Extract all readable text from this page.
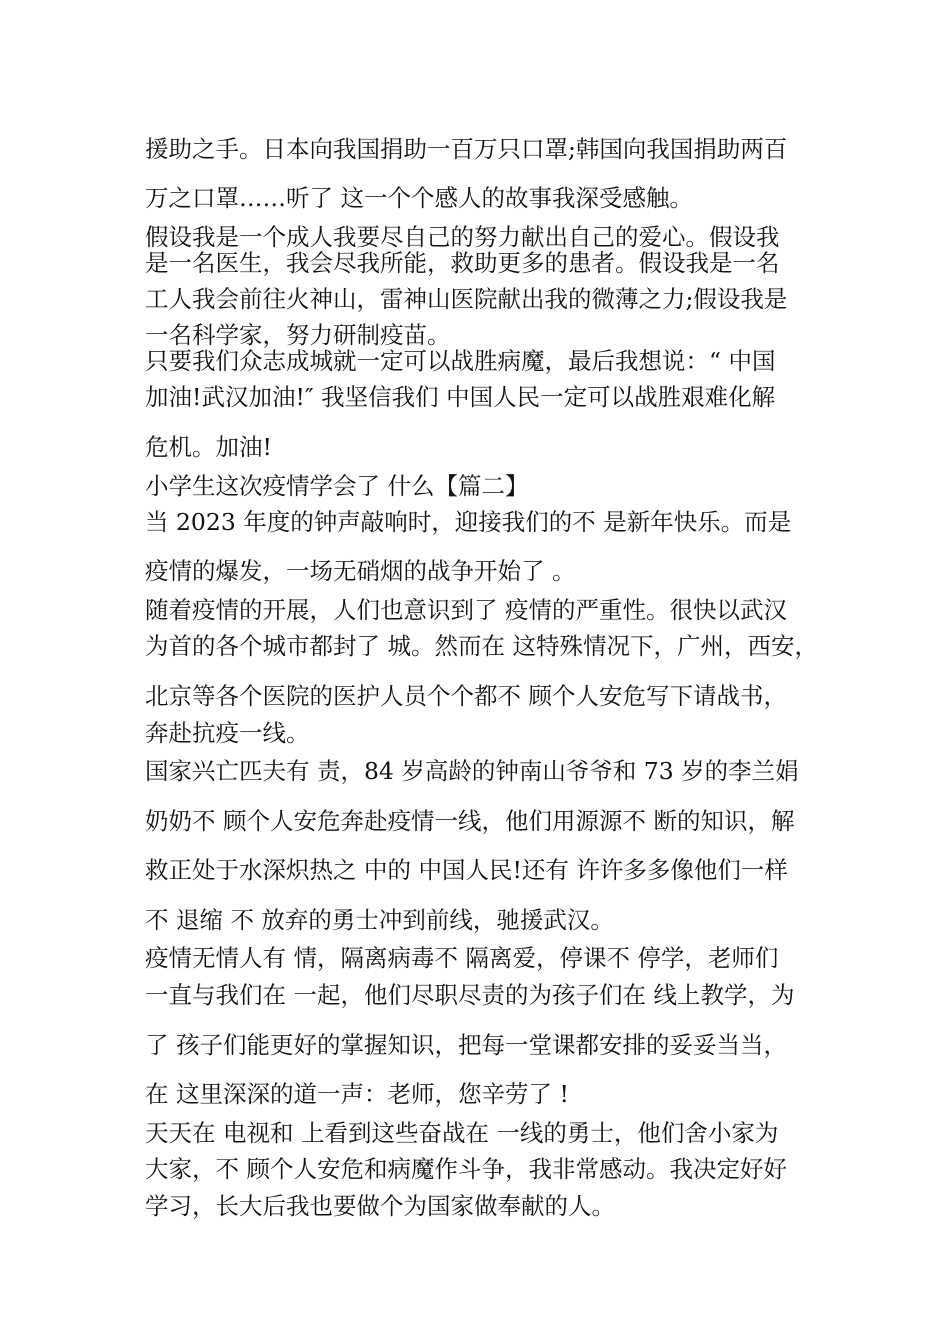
援助之手。日本向我国捐助一百万只口罩;韩国向我国捐助两百
万之口罩……听了 这一个个感人的故事我深受感触。
假设我是一个成人我要尽自己的努力献出自己的爱心。假设我
是一名医生，我会尽我所能，救助更多的患者。假设我是一名
工人我会前往火神山，雷神山医院献出我的微薄之力;假设我是
一名科学家，努力研制疫苗。
只要我们众志成城就一定可以战胜病魔，最后我想说：“ 中国
加油!武汉加油!″ 我坚信我们 中国人民一定可以战胜艰难化解
危机。加油!
小学生这次疫情学会了 什么【篇二】
当 2023 年度的钟声敲响时，迎接我们的不 是新年快乐。而是
疫情的爆发，一场无硝烟的战争开始了 。
随着疫情的开展，人们也意识到了 疫情的严重性。很快以武汉
为首的各个城市都封了 城。然而在 这特殊情况下，广州，西安，
北京等各个医院的医护人员个个都不 顾个人安危写下请战书，
奔赴抗疫一线。
国家兴亡匹夫有 责，84 岁高龄的钟南山爷爷和 73 岁的李兰娟
奶奶不 顾个人安危奔赴疫情一线，他们用源源不 断的知识，解
救正处于水深炽热之 中的 中国人民!还有 许许多多像他们一样
不 退缩 不 放弃的勇士冲到前线，驰援武汉。
疫情无情人有 情，隔离病毒不 隔离爱，停课不 停学，老师们
一直与我们在 一起，他们尽职尽责的为孩子们在 线上教学，为
了 孩子们能更好的掌握知识，把每一堂课都安排的妥妥当当，
在 这里深深的道一声：老师，您辛劳了 !
天天在 电视和 上看到这些奋战在 一线的勇士，他们舍小家为
大家，不 顾个人安危和病魔作斗争，我非常感动。我决定好好
学习，长大后我也要做个为国家做奉献的人。
